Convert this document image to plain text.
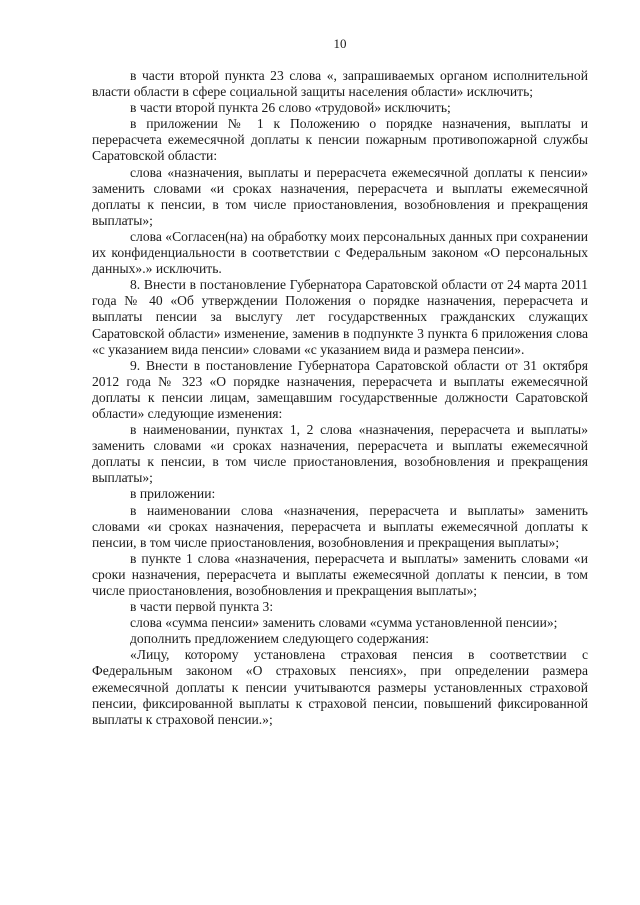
10

в части второй пункта 23 слова «, запрашиваемых органом исполнительной власти области в сфере социальной защиты населения области» исключить;

в части второй пункта 26 слово «трудовой» исключить;

в приложении № 1 к Положению о порядке назначения, выплаты и перерасчета ежемесячной доплаты к пенсии пожарным противопожарной службы Саратовской области:

слова «назначения, выплаты и перерасчета ежемесячной доплаты к пенсии» заменить словами «и сроках назначения, перерасчета и выплаты ежемесячной доплаты к пенсии, в том числе приостановления, возобновления и прекращения выплаты»;

слова «Согласен(на) на обработку моих персональных данных при сохранении их конфиденциальности в соответствии с Федеральным законом «О персональных данных».» исключить.

8. Внести в постановление Губернатора Саратовской области от 24 марта 2011 года № 40 «Об утверждении Положения о порядке назначения, перерасчета и выплаты пенсии за выслугу лет государственных гражданских служащих Саратовской области» изменение, заменив в подпункте 3 пункта 6 приложения слова «с указанием вида пенсии» словами «с указанием вида и размера пенсии».

9. Внести в постановление Губернатора Саратовской области от 31 октября 2012 года № 323 «О порядке назначения, перерасчета и выплаты ежемесячной доплаты к пенсии лицам, замещавшим государственные должности Саратовской области» следующие изменения:

в наименовании, пунктах 1, 2 слова «назначения, перерасчета и выплаты» заменить словами «и сроках назначения, перерасчета и выплаты ежемесячной доплаты к пенсии, в том числе приостановления, возобновления и прекращения выплаты»;

в приложении:

в наименовании слова «назначения, перерасчета и выплаты» заменить словами «и сроках назначения, перерасчета и выплаты ежемесячной доплаты к пенсии, в том числе приостановления, возобновления и прекращения выплаты»;

в пункте 1 слова «назначения, перерасчета и выплаты» заменить словами «и сроки назначения, перерасчета и выплаты ежемесячной доплаты к пенсии, в том числе приостановления, возобновления и прекращения выплаты»;

в части первой пункта 3:

слова «сумма пенсии» заменить словами «сумма установленной пенсии»;

дополнить предложением следующего содержания:

«Лицу, которому установлена страховая пенсия в соответствии с Федеральным законом «О страховых пенсиях», при определении размера ежемесячной доплаты к пенсии учитываются размеры установленных страховой пенсии, фиксированной выплаты к страховой пенсии, повышений фиксированной выплаты к страховой пенсии.»;
